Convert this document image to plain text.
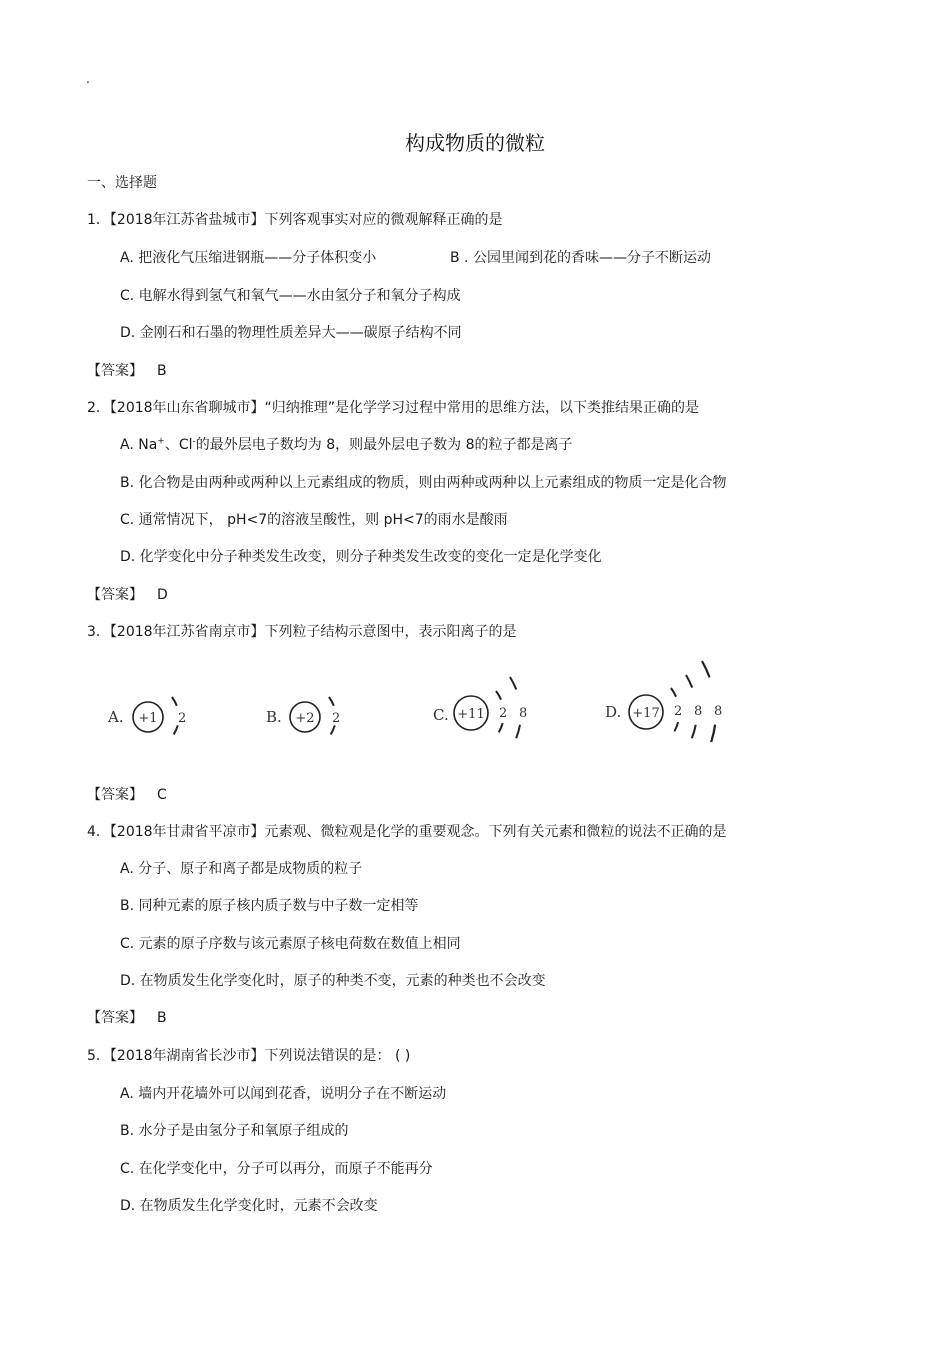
.
构成物质的微粒
一、选择题
1．【2018年江苏省盐城市】下列客观事实对应的微观解释正确的是
A. 把液化气压缩进钢瓶——分子体积变小	B . 公园里闻到花的香味——分子不断运动
C. 电解水得到氢气和氧气——水由氢分子和氧分子构成
D. 金刚石和石墨的物理性质差异大——碳原子结构不同
【答案】 B
2．【2018年山东省聊城市】“归纳推理”是化学学习过程中常用的思维方法，以下类推结果正确的是
A. Na+、Cl-的最外层电子数均为 8，则最外层电子数为 8的粒子都是离子
B. 化合物是由两种或两种以上元素组成的物质，则由两种或两种以上元素组成的物质一定是化合物
C. 通常情况下， pH<7的溶液呈酸性，则 pH<7的雨水是酸雨
D. 化学变化中分子种类发生改变，则分子种类发生改变的变化一定是化学变化
【答案】 D
3．【2018年江苏省南京市】下列粒子结构示意图中，表示阳离子的是
A. +1 2	B. +2 2	C. +11 2 8	D. +17 2 8 8
【答案】 C
4．【2018年甘肃省平凉市】元素观、微粒观是化学的重要观念。下列有关元素和微粒的说法不正确的是
A. 分子、原子和离子都是成物质的粒子
B. 同种元素的原子核内质子数与中子数一定相等
C. 元素的原子序数与该元素原子核电荷数在数值上相同
D. 在物质发生化学变化时，原子的种类不变，元素的种类也不会改变
【答案】 B
5．【2018年湖南省长沙市】下列说法错误的是： ( )
A. 墙内开花墙外可以闻到花香，说明分子在不断运动
B. 水分子是由氢分子和氧原子组成的
C. 在化学变化中，分子可以再分，而原子不能再分
D. 在物质发生化学变化时，元素不会改变
